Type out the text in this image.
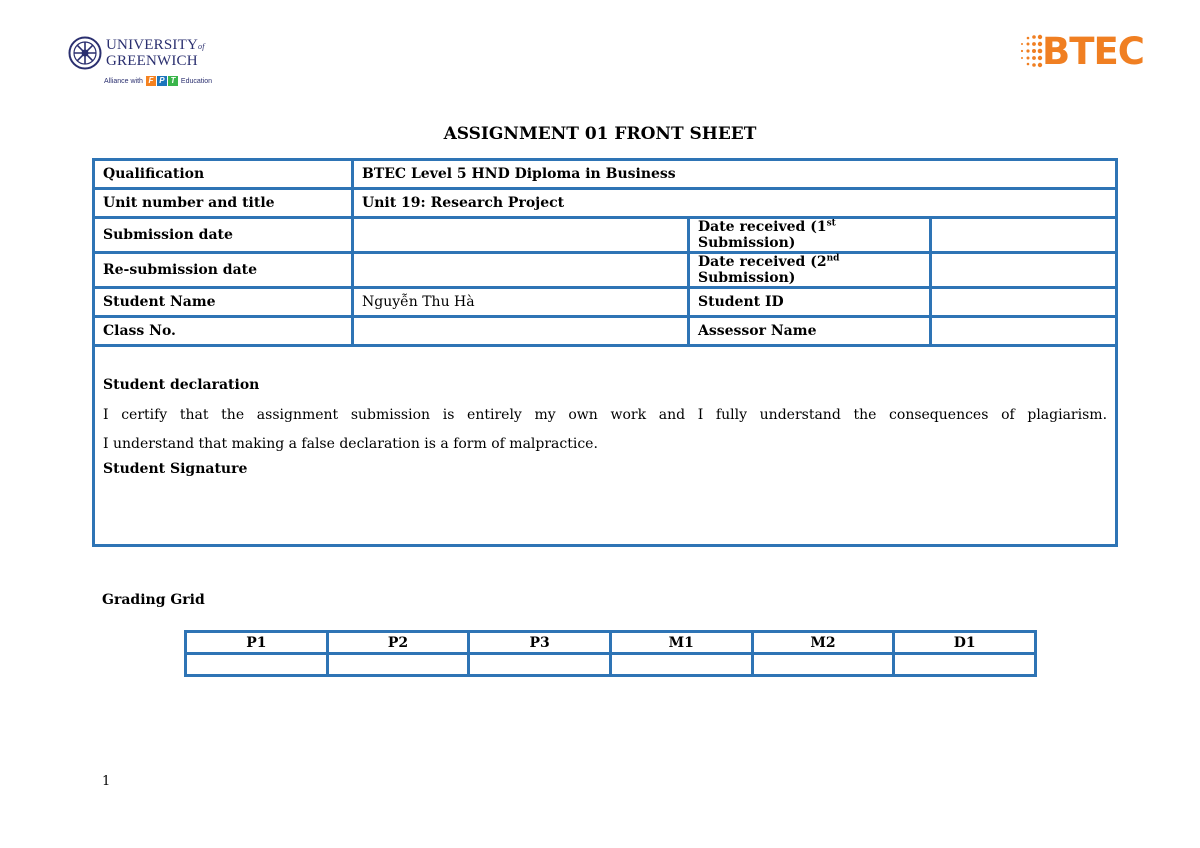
UNIVERSITYof
GREENWICH
Alliance with F P T Education
BTEC
ASSIGNMENT 01 FRONT SHEET
Qualification	BTEC Level 5 HND Diploma in Business		
Unit number and title	Unit 19: Research Project		
Submission date		Date received (1st Submission)	
Re-submission date		Date received (2nd Submission)	
Student Name	Nguyễn Thu Hà	Student ID	
Class No.		Assessor Name	

Student declaration
I certify that the assignment submission is entirely my own work and I fully understand the consequences of plagiarism.
I understand that making a false declaration is a form of malpractice.
Student Signature			
Grading Grid
P1	P2	P3	M1	M2	D1

1
